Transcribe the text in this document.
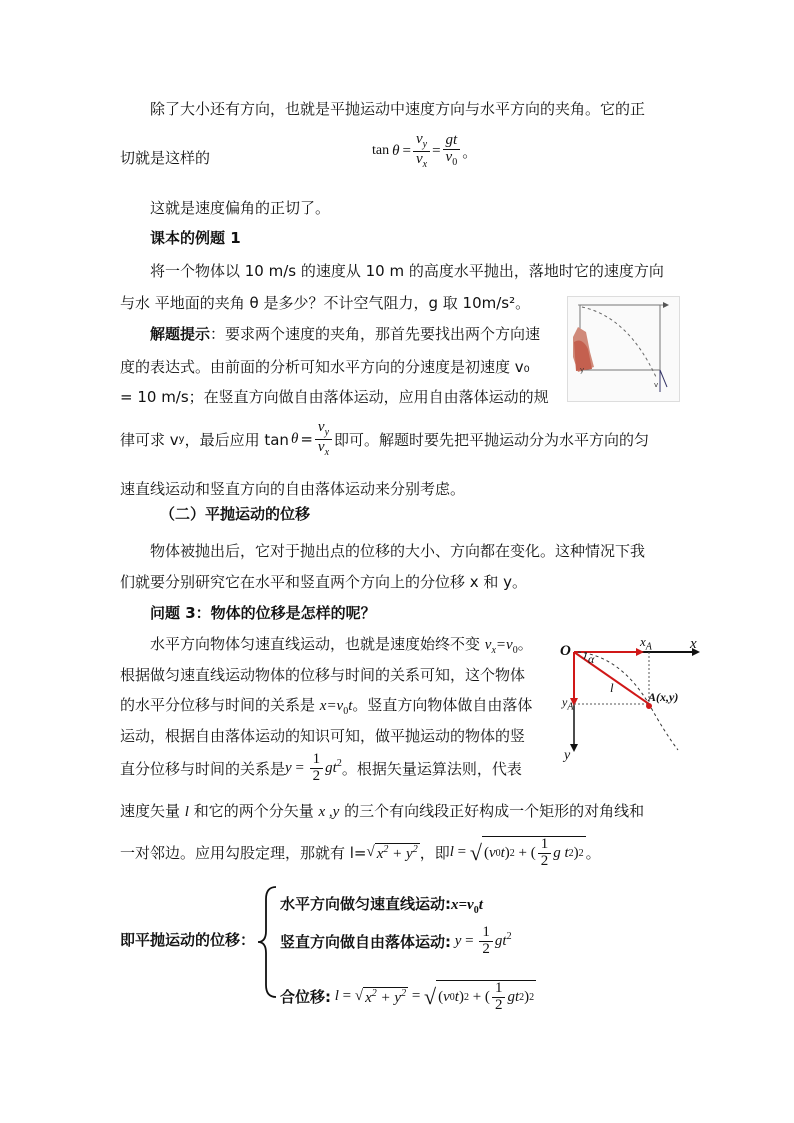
除了大小还有方向，也就是平抛运动中速度方向与水平方向的夹角。它的正
切就是这样的	$\tan \theta = \frac{v_y}{v_x} = \frac{gt}{v_0}$ 。
这就是速度偏角的正切了。
课本的例题 1
将一个物体以 10 m/s 的速度从 10 m 的高度水平抛出，落地时它的速度方向
与水 平地面的夹角 θ 是多少？不计空气阻力，g 取 10m/s²。
y
v
解题提示：要求两个速度的夹角，那首先要找出两个方向速
度的表达式。由前面的分析可知水平方向的分速度是初速度 v₀
= 10 m/s；在竖直方向做自由落体运动，应用自由落体运动的规
律可求 v y ，最后应用 $\tan \theta = \frac{v_y}{v_x}$ 即可。解题时要先把平抛运动分为水平方向的匀
速直线运动和竖直方向的自由落体运动来分别考虑。
（二）平抛运动的位移
物体被抛出后，它对于抛出点的位移的大小、方向都在变化。这种情况下我
们就要分别研究它在水平和竖直两个方向上的分位移 x 和 y。
问题 3：物体的位移是怎样的呢？
水平方向物体匀速直线运动，也就是速度始终不变 $v_x=v_0$。
根据做匀速直线运动物体的位移与时间的关系可知，这个物体
的水平分位移与时间的关系是 $x=v_0t$。竖直方向物体做自由落体
运动，根据自由落体运动的知识可知，做平抛运动的物体的竖
直分位移与时间的关系是 $y = \frac{1}{2} gt^2$ 。根据矢量运算法则，代表
速度矢量 l 和它的两个分矢量 x ,y 的三个有向线段正好构成一个矩形的对角线和
一对邻边。应用勾股定理，那就有 l= √ $x^2 + y^2$ ，即 l = √ ( v 0 t ) 2 + ( $\frac{1}{2}$ g
t 2 ) 2 。
O	x
y
$x_A$
$y_A$
A(x,y)
α
l
即平抛运动的位移：
水平方向做匀速直线运动$:x=v_0t$
竖直方向做自由落体运动: $y = \frac{1}{2} gt^2$
合位移: l = √ $x^2 + y^2$ = √ ( v 0 t ) 2 + ( $\frac{1}{2}$ gt 2 ) 2
